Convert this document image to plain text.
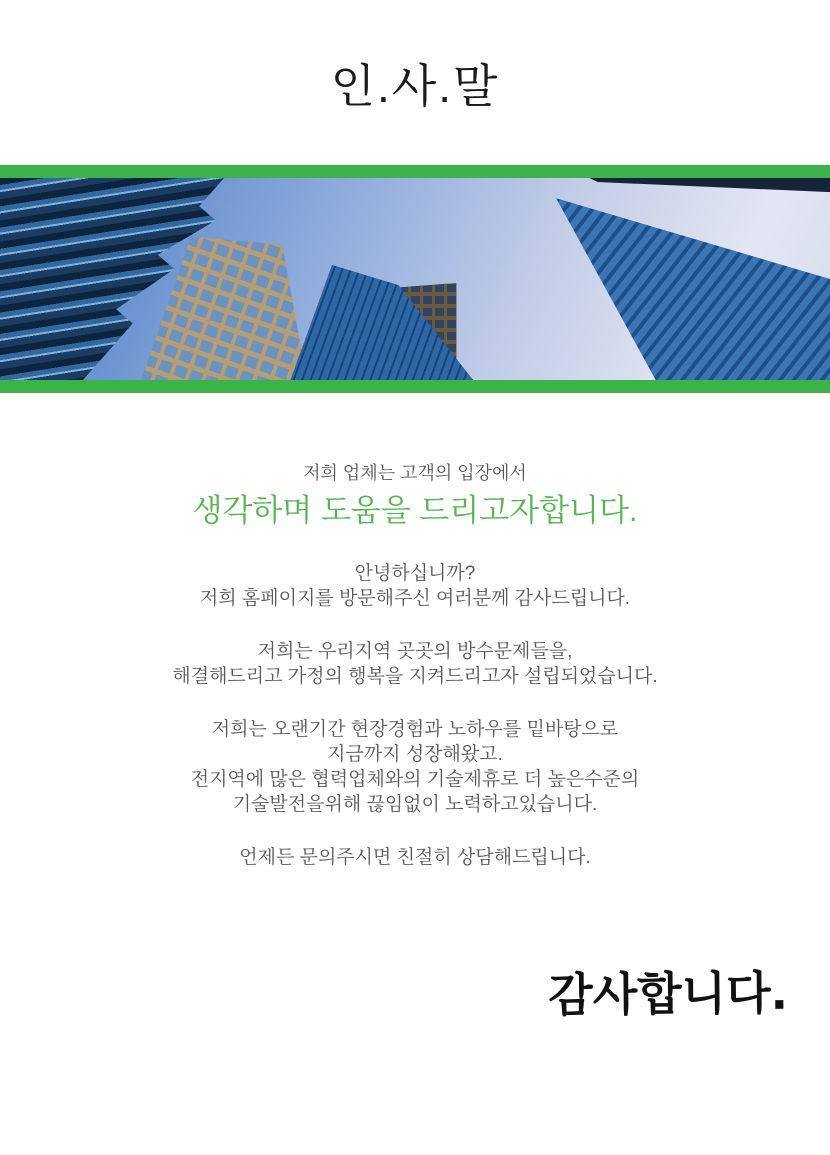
인.사.말

저희 업체는 고객의 입장에서

생각하며 도움을 드리고자합니다.

안녕하십니까?
저희 홈페이지를 방문해주신 여러분께 감사드립니다.

저희는 우리지역 곳곳의 방수문제들을,
해결해드리고 가정의 행복을 지켜드리고자 설립되었습니다.

저희는 오랜기간 현장경험과 노하우를 밑바탕으로
지금까지 성장해왔고.
전지역에 많은 협력업체와의 기술제휴로 더 높은수준의
기술발전을위해 끊임없이 노력하고있습니다.

언제든 문의주시면 친절히 상담해드립니다.

감사합니다.
